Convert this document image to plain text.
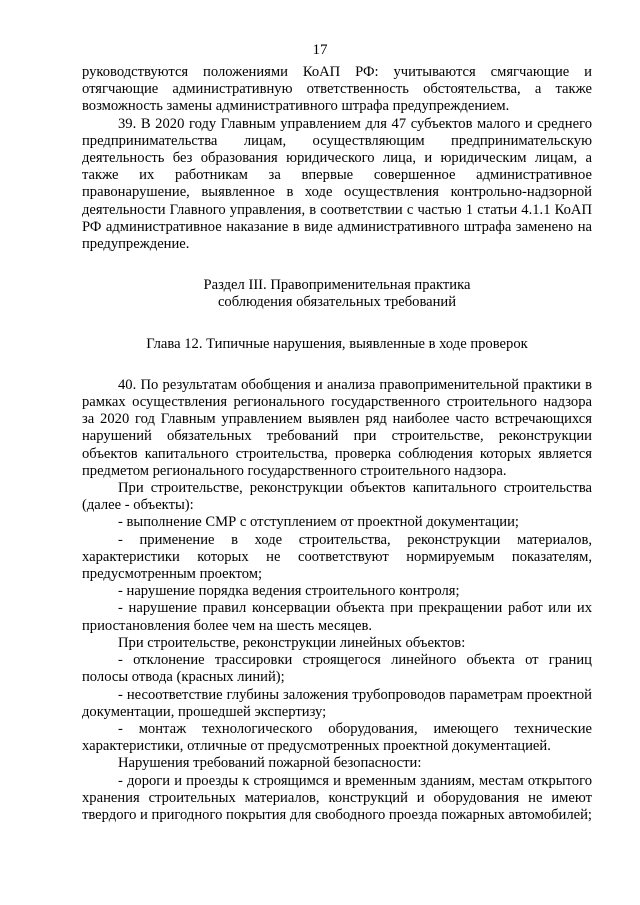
17

руководствуются положениями КоАП РФ: учитываются смягчающие и отягчающие административную ответственность обстоятельства, а также возможность замены административного штрафа предупреждением.

39. В 2020 году Главным управлением для 47 субъектов малого и среднего предпринимательства лицам, осуществляющим предпринимательскую деятельность без образования юридического лица, и юридическим лицам, а также их работникам за впервые совершенное административное правонарушение, выявленное в ходе осуществления контрольно-надзорной деятельности Главного управления, в соответствии с частью 1 статьи 4.1.1 КоАП РФ административное наказание в виде административного штрафа заменено на предупреждение.

Раздел III. Правоприменительная практика

соблюдения обязательных требований

Глава 12. Типичные нарушения, выявленные в ходе проверок

40. По результатам обобщения и анализа правоприменительной практики в рамках осуществления регионального государственного строительного надзора за 2020 год Главным управлением выявлен ряд наиболее часто встречающихся нарушений обязательных требований при строительстве, реконструкции объектов капитального строительства, проверка соблюдения которых является предметом регионального государственного строительного надзора.

При строительстве, реконструкции объектов капитального строительства (далее - объекты):

- выполнение СМР с отступлением от проектной документации;

- применение в ходе строительства, реконструкции материалов, характеристики которых не соответствуют нормируемым показателям, предусмотренным проектом;

- нарушение порядка ведения строительного контроля;

- нарушение правил консервации объекта при прекращении работ или их приостановления более чем на шесть месяцев.

При строительстве, реконструкции линейных объектов:

- отклонение трассировки строящегося линейного объекта от границ полосы отвода (красных линий);

- несоответствие глубины заложения трубопроводов параметрам проектной документации, прошедшей экспертизу;

- монтаж технологического оборудования, имеющего технические характеристики, отличные от предусмотренных проектной документацией.

Нарушения требований пожарной безопасности:

- дороги и проезды к строящимся и временным зданиям, местам открытого хранения строительных материалов, конструкций и оборудования не имеют твердого и пригодного покрытия для свободного проезда пожарных автомобилей;
